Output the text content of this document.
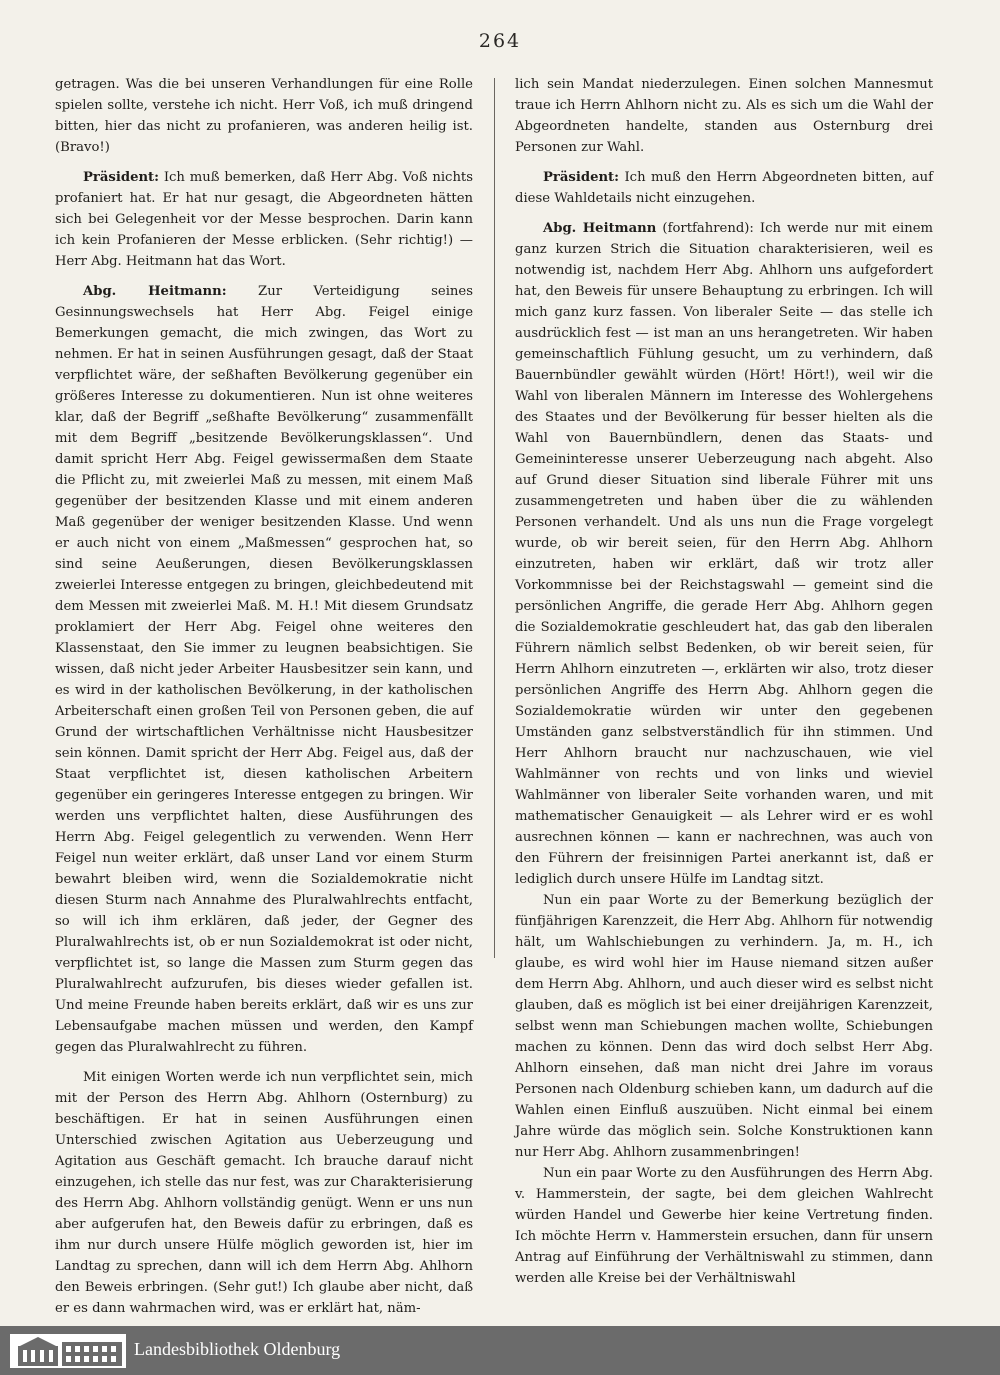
264

getragen. Was die bei unseren Verhandlungen für eine Rolle spielen sollte, verstehe ich nicht. Herr Voß, ich muß dringend bitten, hier das nicht zu profanieren, was anderen heilig ist. (Bravo!)

Präsident: Ich muß bemerken, daß Herr Abg. Voß nichts profaniert hat. Er hat nur gesagt, die Abgeordneten hätten sich bei Gelegenheit vor der Messe besprochen. Darin kann ich kein Profanieren der Messe erblicken. (Sehr richtig!) — Herr Abg. Heitmann hat das Wort.

Abg. Heitmann: Zur Verteidigung seines Gesinnungswechsels hat Herr Abg. Feigel einige Bemerkungen gemacht, die mich zwingen, das Wort zu nehmen. Er hat in seinen Ausführungen gesagt, daß der Staat verpflichtet wäre, der seßhaften Bevölkerung gegenüber ein größeres Interesse zu dokumentieren. Nun ist ohne weiteres klar, daß der Begriff „seßhafte Bevölkerung“ zusammenfällt mit dem Begriff „besitzende Bevölkerungsklassen“. Und damit spricht Herr Abg. Feigel gewissermaßen dem Staate die Pflicht zu, mit zweierlei Maß zu messen, mit einem Maß gegenüber der besitzenden Klasse und mit einem anderen Maß gegenüber der weniger besitzenden Klasse. Und wenn er auch nicht von einem „Maßmessen“ gesprochen hat, so sind seine Aeußerungen, diesen Bevölkerungsklassen zweierlei Interesse entgegen zu bringen, gleichbedeutend mit dem Messen mit zweierlei Maß. M. H.! Mit diesem Grundsatz proklamiert der Herr Abg. Feigel ohne weiteres den Klassenstaat, den Sie immer zu leugnen beabsichtigen. Sie wissen, daß nicht jeder Arbeiter Hausbesitzer sein kann, und es wird in der katholischen Bevölkerung, in der katholischen Arbeiterschaft einen großen Teil von Personen geben, die auf Grund der wirtschaftlichen Verhältnisse nicht Hausbesitzer sein können. Damit spricht der Herr Abg. Feigel aus, daß der Staat verpflichtet ist, diesen katholischen Arbeitern gegenüber ein geringeres Interesse entgegen zu bringen. Wir werden uns verpflichtet halten, diese Ausführungen des Herrn Abg. Feigel gelegentlich zu verwenden. Wenn Herr Feigel nun weiter erklärt, daß unser Land vor einem Sturm bewahrt bleiben wird, wenn die Sozialdemokratie nicht diesen Sturm nach Annahme des Pluralwahlrechts entfacht, so will ich ihm erklären, daß jeder, der Gegner des Pluralwahlrechts ist, ob er nun Sozialdemokrat ist oder nicht, verpflichtet ist, so lange die Massen zum Sturm gegen das Pluralwahlrecht aufzurufen, bis dieses wieder gefallen ist. Und meine Freunde haben bereits erklärt, daß wir es uns zur Lebensaufgabe machen müssen und werden, den Kampf gegen das Pluralwahlrecht zu führen.

Mit einigen Worten werde ich nun verpflichtet sein, mich mit der Person des Herrn Abg. Ahlhorn (Osternburg) zu beschäftigen. Er hat in seinen Ausführungen einen Unterschied zwischen Agitation aus Ueberzeugung und Agitation aus Geschäft gemacht. Ich brauche darauf nicht einzugehen, ich stelle das nur fest, was zur Charakterisierung des Herrn Abg. Ahlhorn vollständig genügt. Wenn er uns nun aber aufgerufen hat, den Beweis dafür zu erbringen, daß es ihm nur durch unsere Hülfe möglich geworden ist, hier im Landtag zu sprechen, dann will ich dem Herrn Abg. Ahlhorn den Beweis erbringen. (Sehr gut!) Ich glaube aber nicht, daß er es dann wahrmachen wird, was er erklärt hat, näm-

lich sein Mandat niederzulegen. Einen solchen Mannesmut traue ich Herrn Ahlhorn nicht zu. Als es sich um die Wahl der Abgeordneten handelte, standen aus Osternburg drei Personen zur Wahl.

Präsident: Ich muß den Herrn Abgeordneten bitten, auf diese Wahldetails nicht einzugehen.

Abg. Heitmann (fortfahrend): Ich werde nur mit einem ganz kurzen Strich die Situation charakterisieren, weil es notwendig ist, nachdem Herr Abg. Ahlhorn uns aufgefordert hat, den Beweis für unsere Behauptung zu erbringen. Ich will mich ganz kurz fassen. Von liberaler Seite — das stelle ich ausdrücklich fest — ist man an uns herangetreten. Wir haben gemeinschaftlich Fühlung gesucht, um zu verhindern, daß Bauernbündler gewählt würden (Hört! Hört!), weil wir die Wahl von liberalen Männern im Interesse des Wohlergehens des Staates und der Bevölkerung für besser hielten als die Wahl von Bauernbündlern, denen das Staats- und Gemeininteresse unserer Ueberzeugung nach abgeht. Also auf Grund dieser Situation sind liberale Führer mit uns zusammengetreten und haben über die zu wählenden Personen verhandelt. Und als uns nun die Frage vorgelegt wurde, ob wir bereit seien, für den Herrn Abg. Ahlhorn einzutreten, haben wir erklärt, daß wir trotz aller Vorkommnisse bei der Reichstagswahl — gemeint sind die persönlichen Angriffe, die gerade Herr Abg. Ahlhorn gegen die Sozialdemokratie geschleudert hat, das gab den liberalen Führern nämlich selbst Bedenken, ob wir bereit seien, für Herrn Ahlhorn einzutreten —, erklärten wir also, trotz dieser persönlichen Angriffe des Herrn Abg. Ahlhorn gegen die Sozialdemokratie würden wir unter den gegebenen Umständen ganz selbstverständlich für ihn stimmen. Und Herr Ahlhorn braucht nur nachzuschauen, wie viel Wahlmänner von rechts und von links und wieviel Wahlmänner von liberaler Seite vorhanden waren, und mit mathematischer Genauigkeit — als Lehrer wird er es wohl ausrechnen können — kann er nachrechnen, was auch von den Führern der freisinnigen Partei anerkannt ist, daß er lediglich durch unsere Hülfe im Landtag sitzt.

Nun ein paar Worte zu der Bemerkung bezüglich der fünfjährigen Karenzzeit, die Herr Abg. Ahlhorn für notwendig hält, um Wahlschiebungen zu verhindern. Ja, m. H., ich glaube, es wird wohl hier im Hause niemand sitzen außer dem Herrn Abg. Ahlhorn, und auch dieser wird es selbst nicht glauben, daß es möglich ist bei einer dreijährigen Karenzzeit, selbst wenn man Schiebungen machen wollte, Schiebungen machen zu können. Denn das wird doch selbst Herr Abg. Ahlhorn einsehen, daß man nicht drei Jahre im voraus Personen nach Oldenburg schieben kann, um dadurch auf die Wahlen einen Einfluß auszuüben. Nicht einmal bei einem Jahre würde das möglich sein. Solche Konstruktionen kann nur Herr Abg. Ahlhorn zusammenbringen!

Nun ein paar Worte zu den Ausführungen des Herrn Abg. v. Hammerstein, der sagte, bei dem gleichen Wahlrecht würden Handel und Gewerbe hier keine Vertretung finden. Ich möchte Herrn v. Hammerstein ersuchen, dann für unsern Antrag auf Einführung der Verhältniswahl zu stimmen, dann werden alle Kreise bei der Verhältniswahl

Landesbibliothek Oldenburg
